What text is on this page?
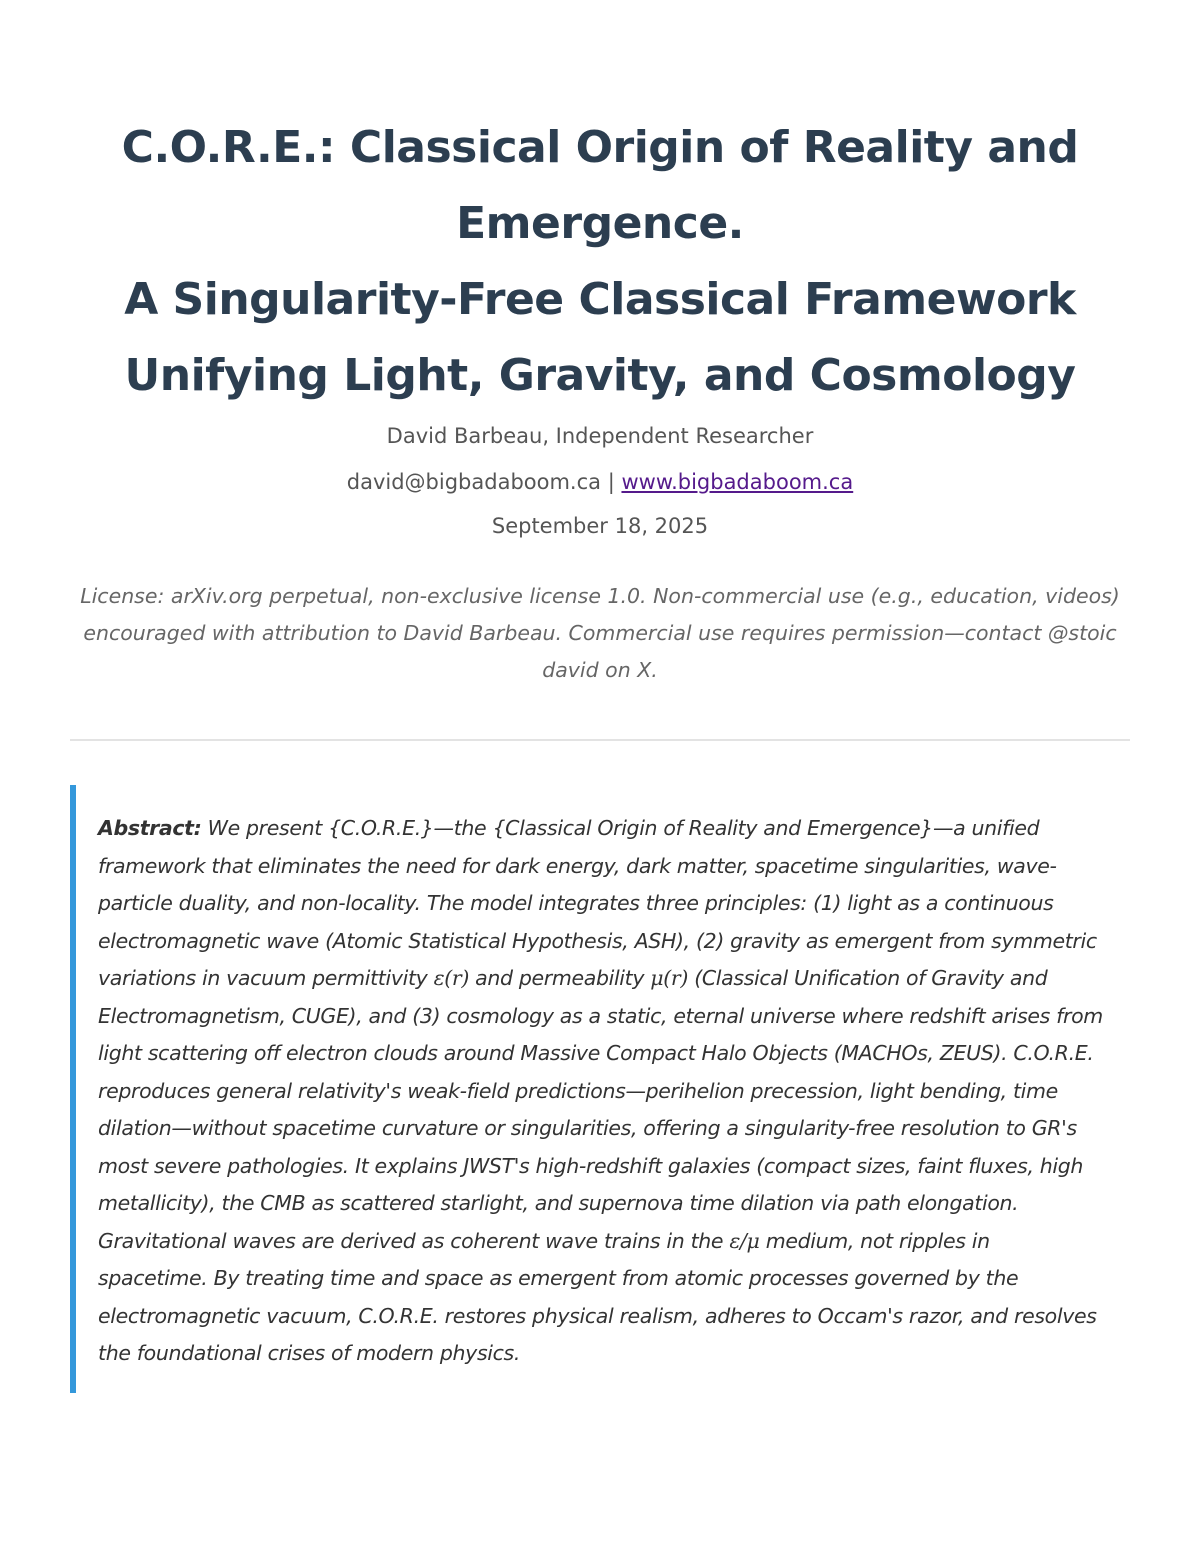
C.O.R.E.: Classical Origin of Reality and
Emergence.
A Singularity-Free Classical Framework
Unifying Light, Gravity, and Cosmology
David Barbeau, Independent Researcher
david@bigbadaboom.ca | www.bigbadaboom.ca
September 18, 2025
License: arXiv.org perpetual, non-exclusive license 1.0. Non-commercial use (e.g., education, videos)
encouraged with attribution to David Barbeau. Commercial use requires permission—contact @stoic
david on X.
Abstract: We present {C.O.R.E.}—the {Classical Origin of Reality and Emergence}—a unified
framework that eliminates the need for dark energy, dark matter, spacetime singularities, wave-
particle duality, and non-locality. The model integrates three principles: (1) light as a continuous
electromagnetic wave (Atomic Statistical Hypothesis, ASH), (2) gravity as emergent from symmetric
variations in vacuum permittivity ε(r) and permeability μ(r) (Classical Unification of Gravity and
Electromagnetism, CUGE), and (3) cosmology as a static, eternal universe where redshift arises from
light scattering off electron clouds around Massive Compact Halo Objects (MACHOs, ZEUS). C.O.R.E.
reproduces general relativity's weak-field predictions—perihelion precession, light bending, time
dilation—without spacetime curvature or singularities, offering a singularity-free resolution to GR's
most severe pathologies. It explains JWST's high-redshift galaxies (compact sizes, faint fluxes, high
metallicity), the CMB as scattered starlight, and supernova time dilation via path elongation.
Gravitational waves are derived as coherent wave trains in the ε/μ medium, not ripples in
spacetime. By treating time and space as emergent from atomic processes governed by the
electromagnetic vacuum, C.O.R.E. restores physical realism, adheres to Occam's razor, and resolves
the foundational crises of modern physics.
